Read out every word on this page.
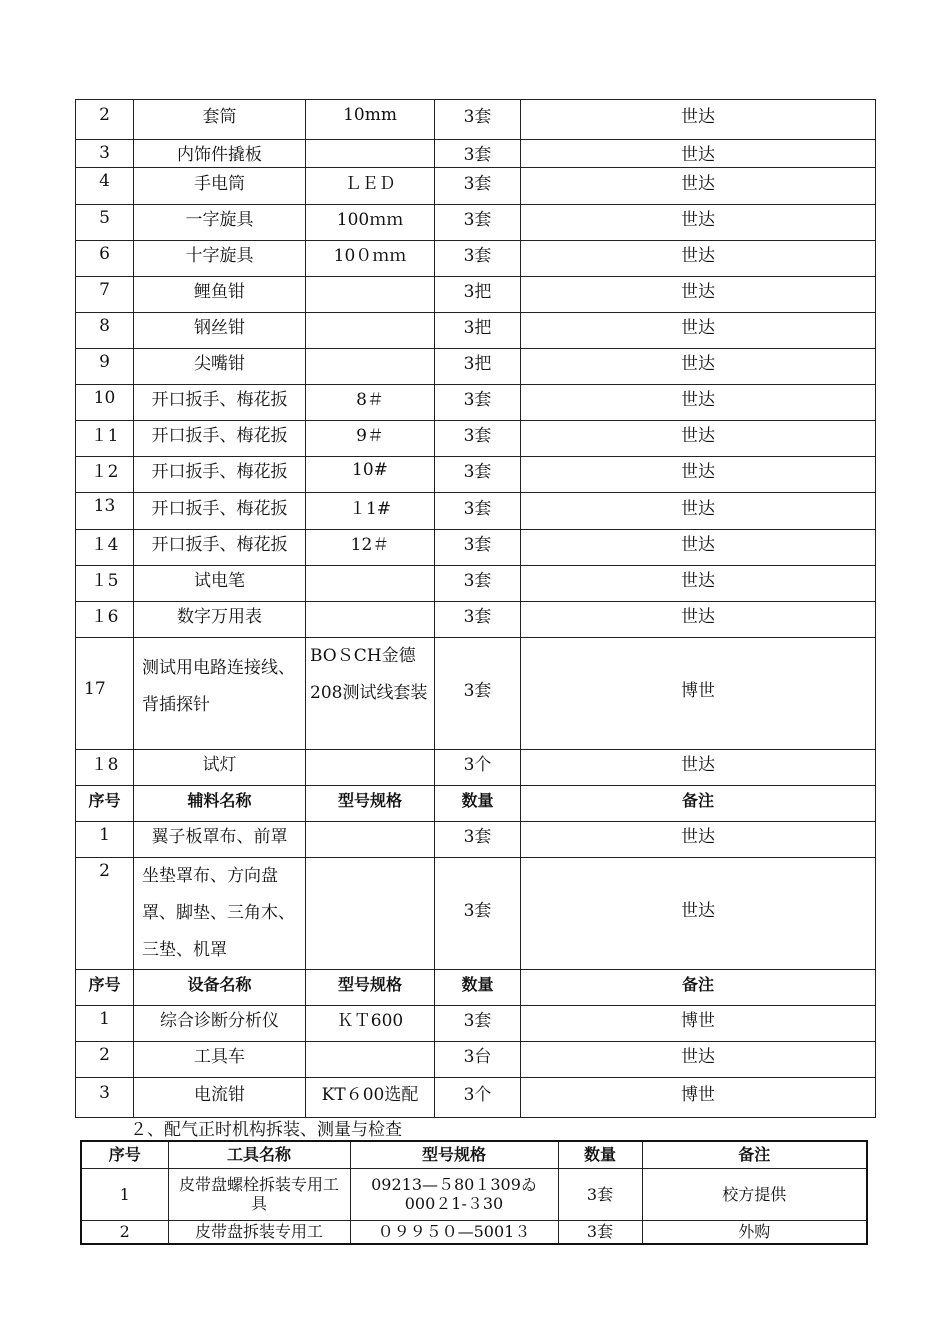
2	套筒	10mm	3套	世达
3	内饰件撬板		3套	世达
4	手电筒	ＬＥＤ	3套	世达
5	一字旋具	100ｍｍ	3套	世达
6	十字旋具	10０ｍｍ	3套	世达
7	鲤鱼钳		3把	世达
8	钢丝钳		3把	世达
9	尖嘴钳		3把	世达
10	开口扳手、梅花扳	8＃	3套	世达
１1	开口扳手、梅花扳	9＃	3套	世达
１2	开口扳手、梅花扳	10#	3套	世达
13	开口扳手、梅花扳	１1#	3套	世达
１4	开口扳手、梅花扳	12＃	3套	世达
１5	试电笔		3套	世达
１6	数字万用表		3套	世达
17	测试用电路连接线、背插探针	BOＳCH金德208测试线套装	3套	博世
１8	试灯		3个	世达
序号	辅料名称	型号规格	数量	备注
1	翼子板罩布、前罩		3套	世达
2	坐垫罩布、方向盘罩、脚垫、三角木、三垫、机罩		3套	世达
序号	设备名称	型号规格	数量	备注
1	综合诊断分析仪	ＫＴ600	3套	博世
2	工具车		3台	世达
3	电流钳	KT６00选配	3个	博世
２、配气正时机构拆装、测量与检查
序号	工具名称	型号规格	数量	备注
1	皮带盘螺栓拆装专用工具	09213—５80１309ゐ000２1-３30	3套	校方提供
2	皮带盘拆装专用工	０９９５０—5001３	3套	外购
